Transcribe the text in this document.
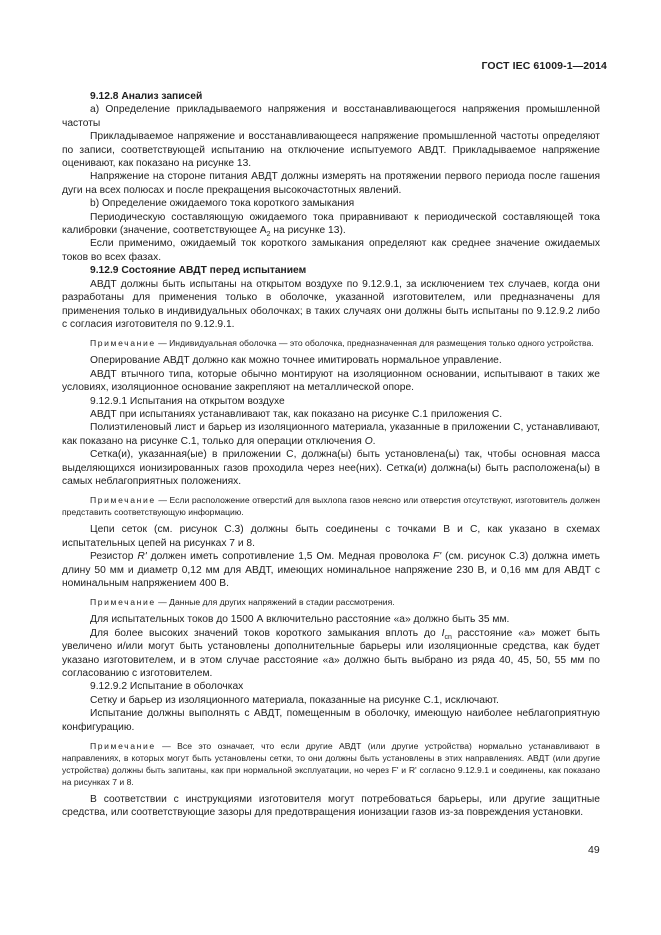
ГОСТ IEC 61009-1—2014

9.12.8 Анализ записей

а) Определение прикладываемого напряжения и восстанавливающегося напряжения промышленной частоты

Прикладываемое напряжение и восстанавливающееся напряжение промышленной частоты определяют по записи, соответствующей испытанию на отключение испытуемого АВДТ. Прикладываемое напряжение оценивают, как показано на рисунке 13.

Напряжение на стороне питания АВДТ должны измерять на протяжении первого периода после гашения дуги на всех полюсах и после прекращения высокочастотных явлений.

b) Определение ожидаемого тока короткого замыкания

Периодическую составляющую ожидаемого тока приравнивают к периодической составляющей тока калибровки (значение, соответствующее $А_2$ на рисунке 13).

Если применимо, ожидаемый ток короткого замыкания определяют как среднее значение ожидаемых токов во всех фазах.

9.12.9 Состояние АВДТ перед испытанием

АВДТ должны быть испытаны на открытом воздухе по 9.12.9.1, за исключением тех случаев, когда они разработаны для применения только в оболочке, указанной изготовителем, или предназначены для применения только в индивидуальных оболочках; в таких случаях они должны быть испытаны по 9.12.9.2 либо с согласия изготовителя по 9.12.9.1.

Примечание — Индивидуальная оболочка — это оболочка, предназначенная для размещения только одного устройства.

Оперирование АВДТ должно как можно точнее имитировать нормальное управление.

АВДТ втычного типа, которые обычно монтируют на изоляционном основании, испытывают в таких же условиях, изоляционное основание закрепляют на металлической опоре.

9.12.9.1 Испытания на открытом воздухе

АВДТ при испытаниях устанавливают так, как показано на рисунке С.1 приложения С.

Полиэтиленовый лист и барьер из изоляционного материала, указанные в приложении С, устанавливают, как показано на рисунке С.1, только для операции отключения О.

Сетка(и), указанная(ые) в приложении С, должна(ы) быть установлена(ы) так, чтобы основная масса выделяющихся ионизированных газов проходила через нее(них). Сетка(и) должна(ы) быть расположена(ы) в самых неблагоприятных положениях.

Примечание — Если расположение отверстий для выхлопа газов неясно или отверстия отсутствуют, изготовитель должен представить соответствующую информацию.

Цепи сеток (см. рисунок С.3) должны быть соединены с точками В и С, как указано в схемах испытательных цепей на рисунках 7 и 8.

Резистор R' должен иметь сопротивление 1,5 Ом. Медная проволока F' (см. рисунок С.3) должна иметь длину 50 мм и диаметр 0,12 мм для АВДТ, имеющих номинальное напряжение 230 В, и 0,16 мм для АВДТ с номинальным напряжением 400 В.

Примечание — Данные для других напряжений в стадии рассмотрения.

Для испытательных токов до 1500 А включительно расстояние «а» должно быть 35 мм.

Для более высоких значений токов короткого замыкания вплоть до $I_{cn}$ расстояние «а» может быть увеличено и/или могут быть установлены дополнительные барьеры или изоляционные средства, как будет указано изготовителем, и в этом случае расстояние «а» должно быть выбрано из ряда 40, 45, 50, 55 мм по согласованию с изготовителем.

9.12.9.2 Испытание в оболочках

Сетку и барьер из изоляционного материала, показанные на рисунке С.1, исключают.

Испытание должны выполнять с АВДТ, помещенным в оболочку, имеющую наиболее неблагоприятную конфигурацию.

Примечание — Все это означает, что если другие АВДТ (или другие устройства) нормально устанавливают в направлениях, в которых могут быть установлены сетки, то они должны быть установлены в этих направлениях. АВДТ (или другие устройства) должны быть запитаны, как при нормальной эксплуатации, но через F' и R' согласно 9.12.9.1 и соединены, как показано на рисунках 7 и 8.

В соответствии с инструкциями изготовителя могут потребоваться барьеры, или другие защитные средства, или соответствующие зазоры для предотвращения ионизации газов из-за повреждения установки.

49
